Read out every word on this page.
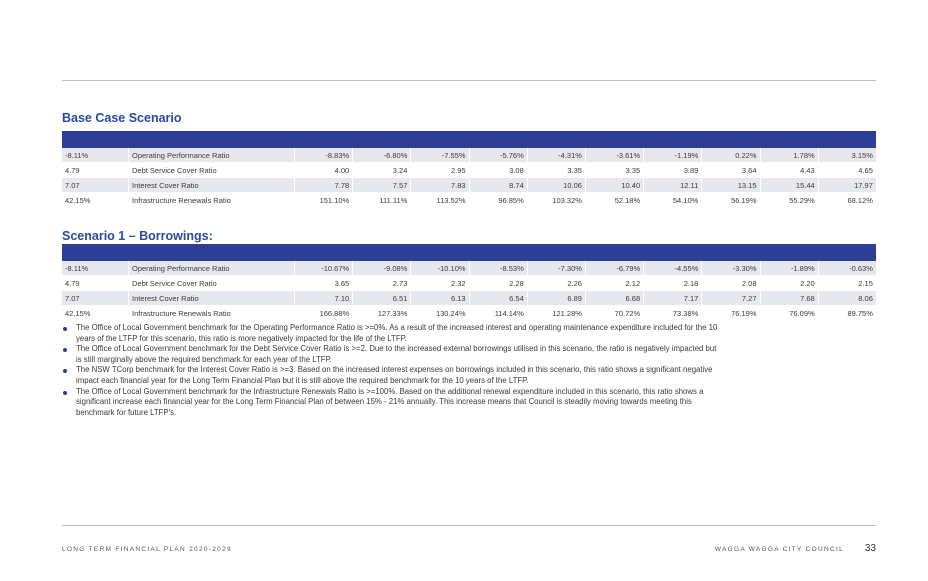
Base Case Scenario
-8.11%	Operating Performance Ratio	-8.83%	-6.80%	-7.55%	-5.76%	-4.31%	-3.61%	-1.19%	0.22%	1.78%	3.15%
4.79	Debt Service Cover Ratio	4.00	3.24	2.95	3.08	3.35	3.35	3.89	3.64	4.43	4.65
7.07	Interest Cover Ratio	7.78	7.57	7.83	8.74	10.06	10.40	12.11	13.15	15.44	17.97
42.15%	Infrastructure Renewals Ratio	151.10%	111.11%	113.52%	96.85%	103.32%	52.18%	54.10%	56.19%	55.29%	68.12%
Scenario 1 – Borrowings:
-8.11%	Operating Performance Ratio	-10.67%	-9.08%	-10.10%	-8.53%	-7.30%	-6.79%	-4.55%	-3.30%	-1.89%	-0.63%
4.79	Debt Service Cover Ratio	3.65	2.73	2.32	2.28	2.26	2.12	2.18	2.08	2.20	2.15
7.07	Interest Cover Ratio	7.10	6.51	6.13	6.54	6.89	6.68	7.17	7.27	7.68	8.06
42.15%	Infrastructure Renewals Ratio	166.88%	127.33%	130.24%	114.14%	121.28%	70.72%	73.38%	76.19%	76.09%	89.75%
The Office of Local Government benchmark for the Operating Performance Ratio is >=0%. As a result of the increased interest and operating maintenance expenditure included for the 10 years of the LTFP for this scenario, this ratio is more negatively impacted for the life of the LTFP.
The Office of Local Government benchmark for the Debt Service Cover Ratio is >=2. Due to the increased external borrowings utilised in this scenario, the ratio is negatively impacted but is still marginally above the required benchmark for each year of the LTFP.
The NSW TCorp benchmark for the Interest Cover Ratio is >=3. Based on the increased interest expenses on borrowings included in this scenario, this ratio shows a significant negative impact each financial year for the Long Term Financial Plan but it is still above the required benchmark for the 10 years of the LTFP.
The Office of Local Government benchmark for the Infrastructure Renewals Ratio is >=100%. Based on the additional renewal expenditure included in this scenario, this ratio shows a significant increase each financial year for the Long Term Financial Plan of between 15% - 21% annually. This increase means that Council is steadily moving towards meeting this benchmark for future LTFP's.
LONG TERM FINANCIAL PLAN 2020-2029	WAGGA WAGGA CITY COUNCIL 33
